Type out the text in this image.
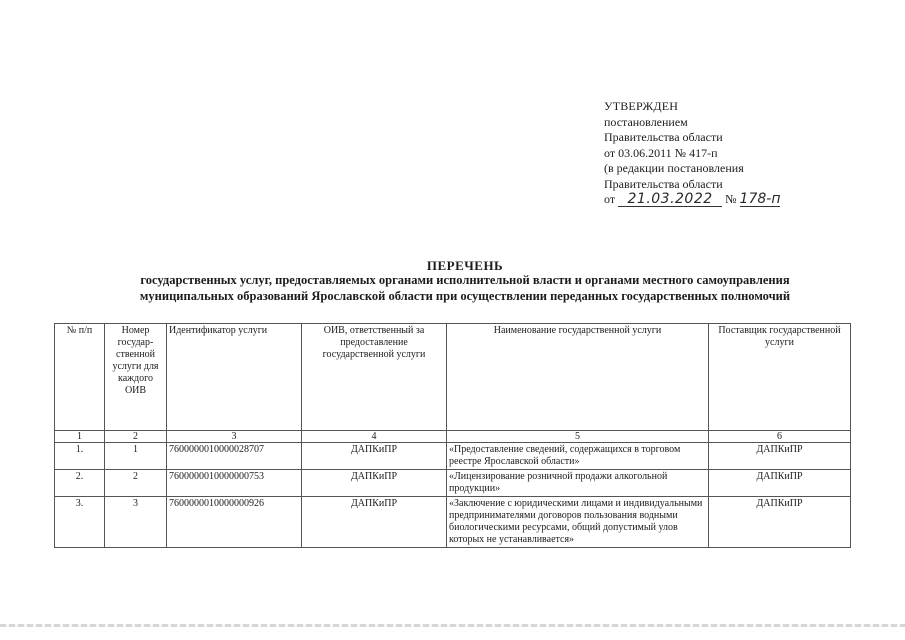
УТВЕРЖДЕН
постановлением
Правительства области
от 03.06.2011 № 417-п
(в редакции постановления
Правительства области
от 21.03.2022 № 178-п
ПЕРЕЧЕНЬ
государственных услуг, предоставляемых органами исполнительной власти и органами местного самоуправления
муниципальных образований Ярославской области при осуществлении переданных государственных полномочий
№ п/п	Номер государ-ственной услуги для каждого ОИВ	Идентификатор услуги	ОИВ, ответственный за предоставление государственной услуги	Наименование государственной услуги	Поставщик государственной услуги
1	2	3	4	5	6
1.	1	7600000010000028707	ДАПКиПР	«Предоставление сведений, содержащихся в торговом реестре Ярославской области»	ДАПКиПР
2.	2	7600000010000000753	ДАПКиПР	«Лицензирование розничной продажи алкогольной продукции»	ДАПКиПР
3.	3	7600000010000000926	ДАПКиПР	«Заключение с юридическими лицами и индивидуальными предпринимателями договоров пользования водными биологическими ресурсами, общий допустимый улов которых не устанавливается»	ДАПКиПР
